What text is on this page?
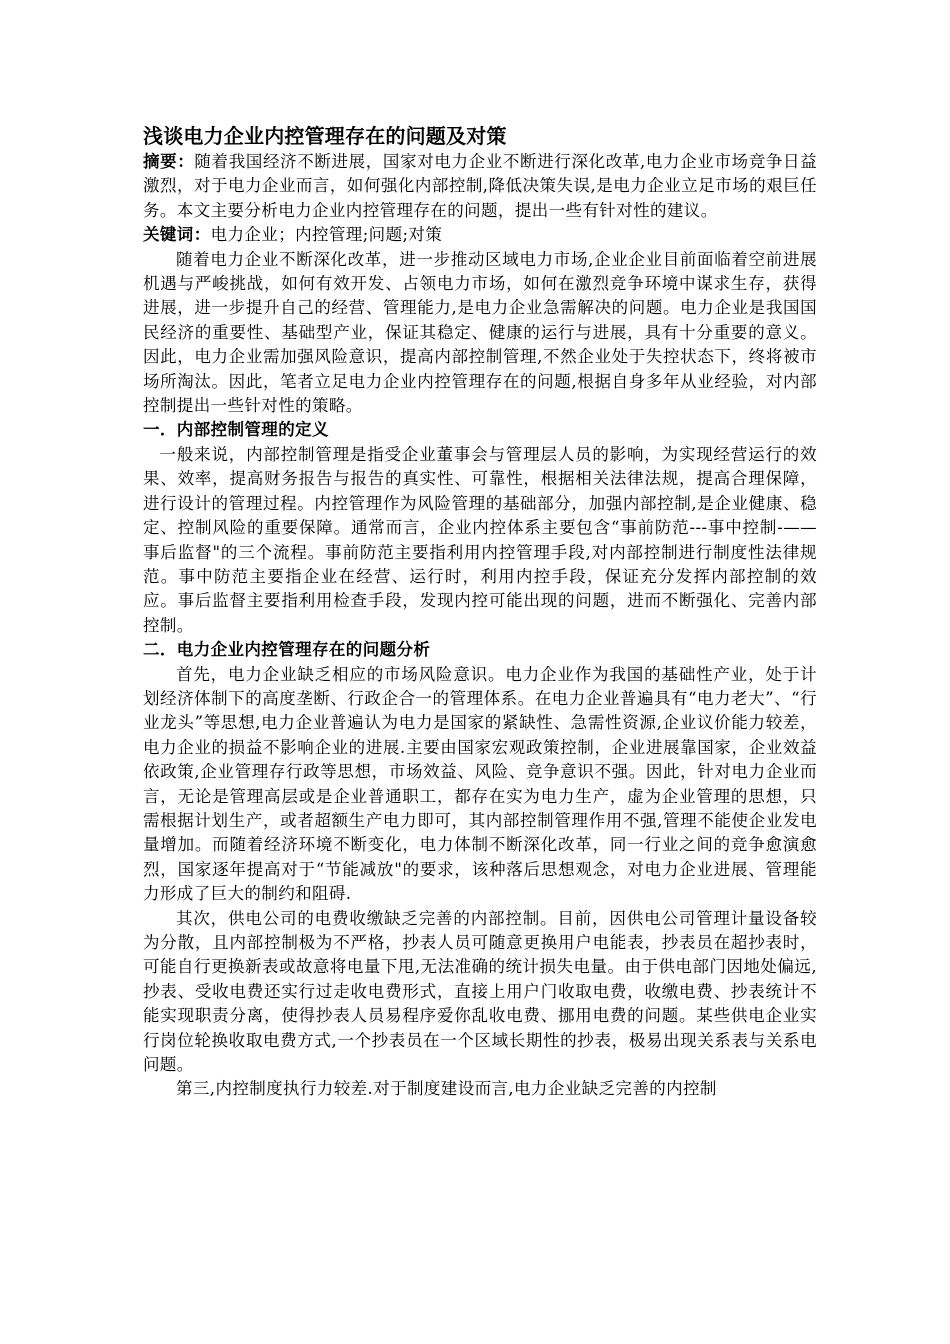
浅谈电力企业内控管理存在的问题及对策

摘要：随着我国经济不断进展，国家对电力企业不断进行深化改革,电力企业市场竞争日益激烈，对于电力企业而言，如何强化内部控制,降低决策失误,是电力企业立足市场的艰巨任务。本文主要分析电力企业内控管理存在的问题，提出一些有针对性的建议。

关键词：电力企业；内控管理;问题;对策

随着电力企业不断深化改革，进一步推动区域电力市场,企业企业目前面临着空前进展机遇与严峻挑战，如何有效开发、占领电力市场，如何在激烈竞争环境中谋求生存，获得进展，进一步提升自己的经营、管理能力,是电力企业急需解决的问题。电力企业是我国国民经济的重要性、基础型产业，保证其稳定、健康的运行与进展，具有十分重要的意义。因此，电力企业需加强风险意识，提高内部控制管理,不然企业处于失控状态下，终将被市场所淘汰。因此，笔者立足电力企业内控管理存在的问题,根据自身多年从业经验，对内部控制提出一些针对性的策略。

一．内部控制管理的定义

一般来说，内部控制管理是指受企业董事会与管理层人员的影响，为实现经营运行的效果、效率，提高财务报告与报告的真实性、可靠性，根据相关法律法规，提高合理保障，进行设计的管理过程。内控管理作为风险管理的基础部分，加强内部控制,是企业健康、稳定、控制风险的重要保障。通常而言，企业内控体系主要包含“事前防范---事中控制-——事后监督"的三个流程。事前防范主要指利用内控管理手段,对内部控制进行制度性法律规范。事中防范主要指企业在经营、运行时，利用内控手段，保证充分发挥内部控制的效应。事后监督主要指利用检查手段，发现内控可能出现的问题，进而不断强化、完善内部控制。

二．电力企业内控管理存在的问题分析

首先，电力企业缺乏相应的市场风险意识。电力企业作为我国的基础性产业，处于计划经济体制下的高度垄断、行政企合一的管理体系。在电力企业普遍具有“电力老大”、“行业龙头”等思想,电力企业普遍认为电力是国家的紧缺性、急需性资源,企业议价能力较差，电力企业的损益不影响企业的进展.主要由国家宏观政策控制，企业进展靠国家，企业效益依政策,企业管理存行政等思想，市场效益、风险、竞争意识不强。因此，针对电力企业而言，无论是管理高层或是企业普通职工，都存在实为电力生产，虚为企业管理的思想，只需根据计划生产，或者超额生产电力即可，其内部控制管理作用不强,管理不能使企业发电量增加。而随着经济环境不断变化，电力体制不断深化改革，同一行业之间的竞争愈演愈烈，国家逐年提高对于“节能减放"的要求，该种落后思想观念，对电力企业进展、管理能力形成了巨大的制约和阻碍.

其次，供电公司的电费收缴缺乏完善的内部控制。目前，因供电公司管理计量设备较为分散，且内部控制极为不严格，抄表人员可随意更换用户电能表，抄表员在超抄表时，可能自行更换新表或故意将电量下甩,无法准确的统计损失电量。由于供电部门因地处偏远,抄表、受收电费还实行过走收电费形式，直接上用户门收取电费，收缴电费、抄表统计不能实现职责分离，使得抄表人员易程序爱你乱收电费、挪用电费的问题。某些供电企业实行岗位轮换收取电费方式,一个抄表员在一个区域长期性的抄表，极易出现关系表与关系电问题。

第三,内控制度执行力较差.对于制度建设而言,电力企业缺乏完善的内控制
